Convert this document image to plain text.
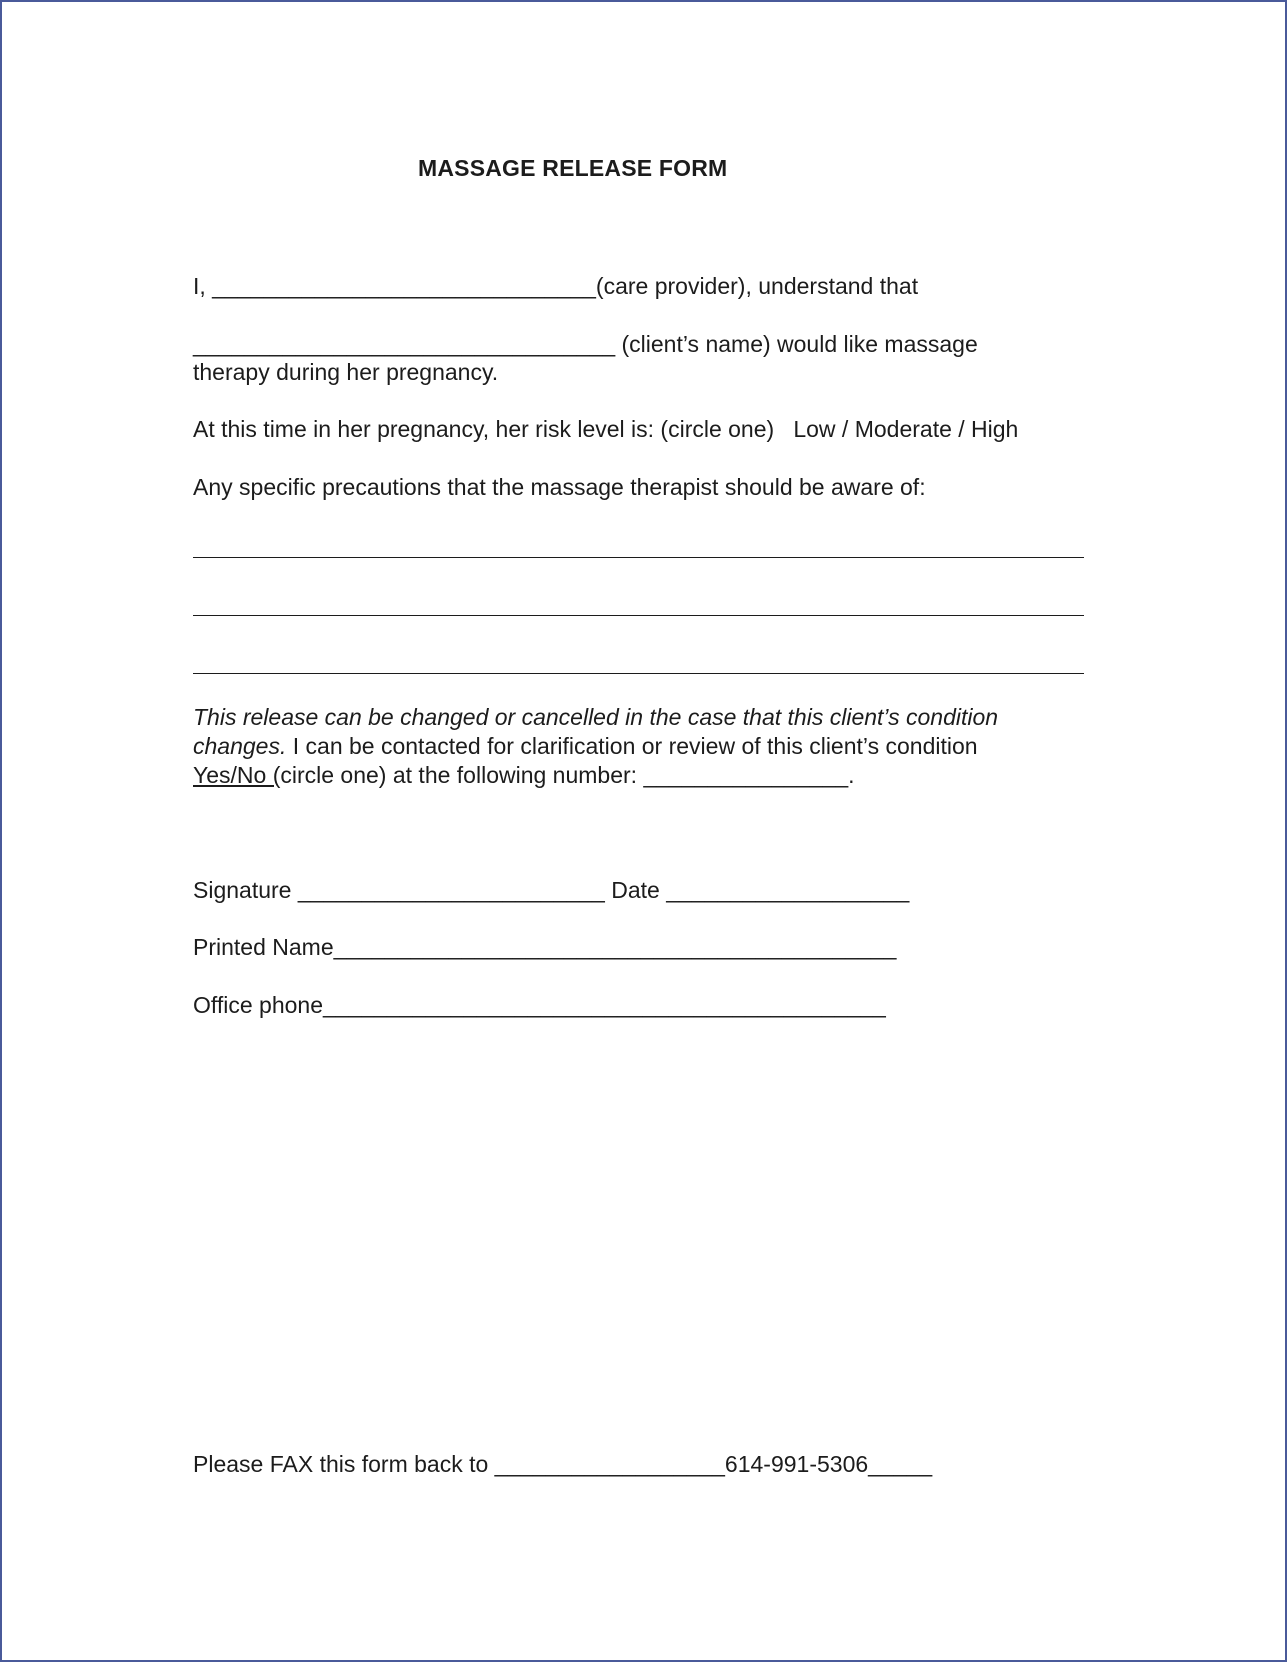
MASSAGE RELEASE FORM
I, ______________________________(care provider), understand that
_________________________________ (client’s name) would like massage
therapy during her pregnancy.
At this time in her pregnancy, her risk level is: (circle one)   Low / Moderate / High
Any specific precautions that the massage therapist should be aware of:
This release can be changed or cancelled in the case that this client’s condition
changes. I can be contacted for clarification or review of this client’s condition
Yes/No (circle one) at the following number: ________________.
Signature ________________________ Date ___________________
Printed Name____________________________________________
Office phone____________________________________________
Please FAX this form back to __________________614-991-5306_____
